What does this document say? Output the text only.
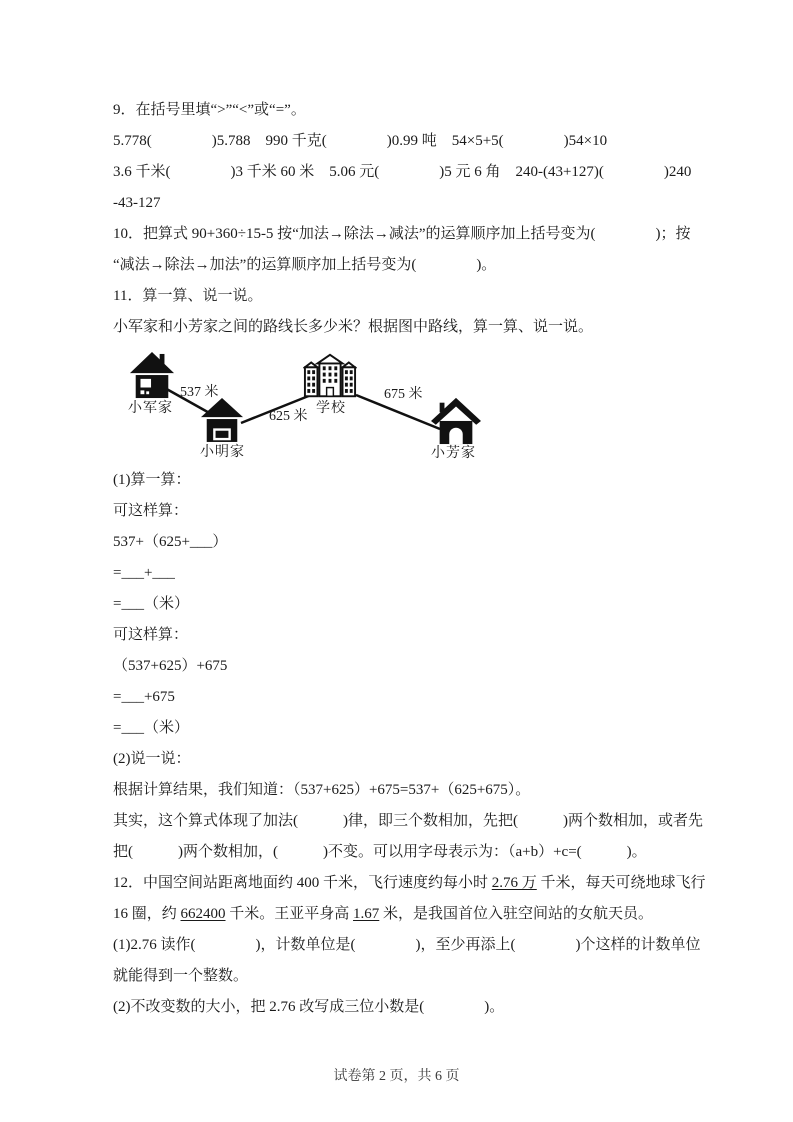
9．在括号里填“>”“<”或“=”。
5.778(　　　　)5.788　990 千克(　　　　)0.99 吨　54×5+5(　　　　)54×10
3.6 千米(　　　　)3 千米 60 米　5.06 元(　　　　)5 元 6 角　240-(43+127)(　　　　)240
-43-127
10．把算式 90+360÷15-5 按“加法→除法→减法”的运算顺序加上括号变为(　　　　)；按
“减法→除法→加法”的运算顺序加上括号变为(　　　　)。
11．算一算、说一说。
小军家和小芳家之间的路线长多少米？根据图中路线，算一算、说一说。
小军家
537 米
小明家
625 米
学校
675 米
小芳家
(1)算一算：
可这样算：
537+（625+___）
=___+___
=___（米）
可这样算：
（537+625）+675
=___+675
=___（米）
(2)说一说：
根据计算结果，我们知道：（537+625）+675=537+（625+675）。
其实，这个算式体现了加法(　　　)律，即三个数相加，先把(　　　)两个数相加，或者先
把(　　　)两个数相加，(　　　)不变。可以用字母表示为：（a+b）+c=(　　　)。
12．中国空间站距离地面约 400 千米，飞行速度约每小时 2.76 万 千米，每天可绕地球飞行
16 圈，约 662400 千米。王亚平身高 1.67 米，是我国首位入驻空间站的女航天员。
(1)2.76 读作(　　　　)，计数单位是(　　　　)，至少再添上(　　　　)个这样的计数单位
就能得到一个整数。
(2)不改变数的大小，把 2.76 改写成三位小数是(　　　　)。
试卷第 2 页，共 6 页
